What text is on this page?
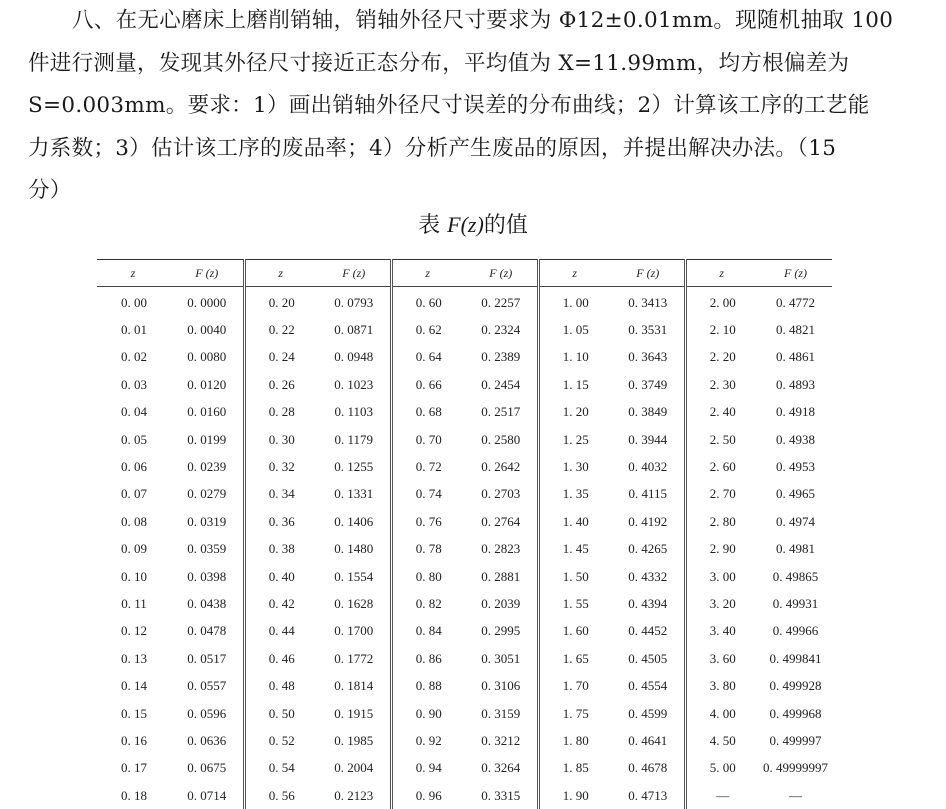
八、在无心磨床上磨削销轴，销轴外径尺寸要求为 Φ12±0.01mm。现随机抽取 100
件进行测量，发现其外径尺寸接近正态分布，平均值为 X=11.99mm，均方根偏差为
S=0.003mm。要求：1）画出销轴外径尺寸误差的分布曲线；2）计算该工序的工艺能
力系数；3）估计该工序的废品率；4）分析产生废品的原因，并提出解决办法。（15
分）
表 F(z)的值
z	F (z)	z	F (z)	z	F (z)	z	F (z)	z	F (z)
0. 00	0. 0000	0. 20	0. 0793	0. 60	0. 2257	1. 00	0. 3413	2. 00	0. 4772
0. 01	0. 0040	0. 22	0. 0871	0. 62	0. 2324	1. 05	0. 3531	2. 10	0. 4821
0. 02	0. 0080	0. 24	0. 0948	0. 64	0. 2389	1. 10	0. 3643	2. 20	0. 4861
0. 03	0. 0120	0. 26	0. 1023	0. 66	0. 2454	1. 15	0. 3749	2. 30	0. 4893
0. 04	0. 0160	0. 28	0. 1103	0. 68	0. 2517	1. 20	0. 3849	2. 40	0. 4918
0. 05	0. 0199	0. 30	0. 1179	0. 70	0. 2580	1. 25	0. 3944	2. 50	0. 4938
0. 06	0. 0239	0. 32	0. 1255	0. 72	0. 2642	1. 30	0. 4032	2. 60	0. 4953
0. 07	0. 0279	0. 34	0. 1331	0. 74	0. 2703	1. 35	0. 4115	2. 70	0. 4965
0. 08	0. 0319	0. 36	0. 1406	0. 76	0. 2764	1. 40	0. 4192	2. 80	0. 4974
0. 09	0. 0359	0. 38	0. 1480	0. 78	0. 2823	1. 45	0. 4265	2. 90	0. 4981
0. 10	0. 0398	0. 40	0. 1554	0. 80	0. 2881	1. 50	0. 4332	3. 00	0. 49865
0. 11	0. 0438	0. 42	0. 1628	0. 82	0. 2039	1. 55	0. 4394	3. 20	0. 49931
0. 12	0. 0478	0. 44	0. 1700	0. 84	0. 2995	1. 60	0. 4452	3. 40	0. 49966
0. 13	0. 0517	0. 46	0. 1772	0. 86	0. 3051	1. 65	0. 4505	3. 60	0. 499841
0. 14	0. 0557	0. 48	0. 1814	0. 88	0. 3106	1. 70	0. 4554	3. 80	0. 499928
0. 15	0. 0596	0. 50	0. 1915	0. 90	0. 3159	1. 75	0. 4599	4. 00	0. 499968
0. 16	0. 0636	0. 52	0. 1985	0. 92	0. 3212	1. 80	0. 4641	4. 50	0. 499997
0. 17	0. 0675	0. 54	0. 2004	0. 94	0. 3264	1. 85	0. 4678	5. 00	0. 49999997
0. 18	0. 0714	0. 56	0. 2123	0. 96	0. 3315	1. 90	0. 4713	—	—
